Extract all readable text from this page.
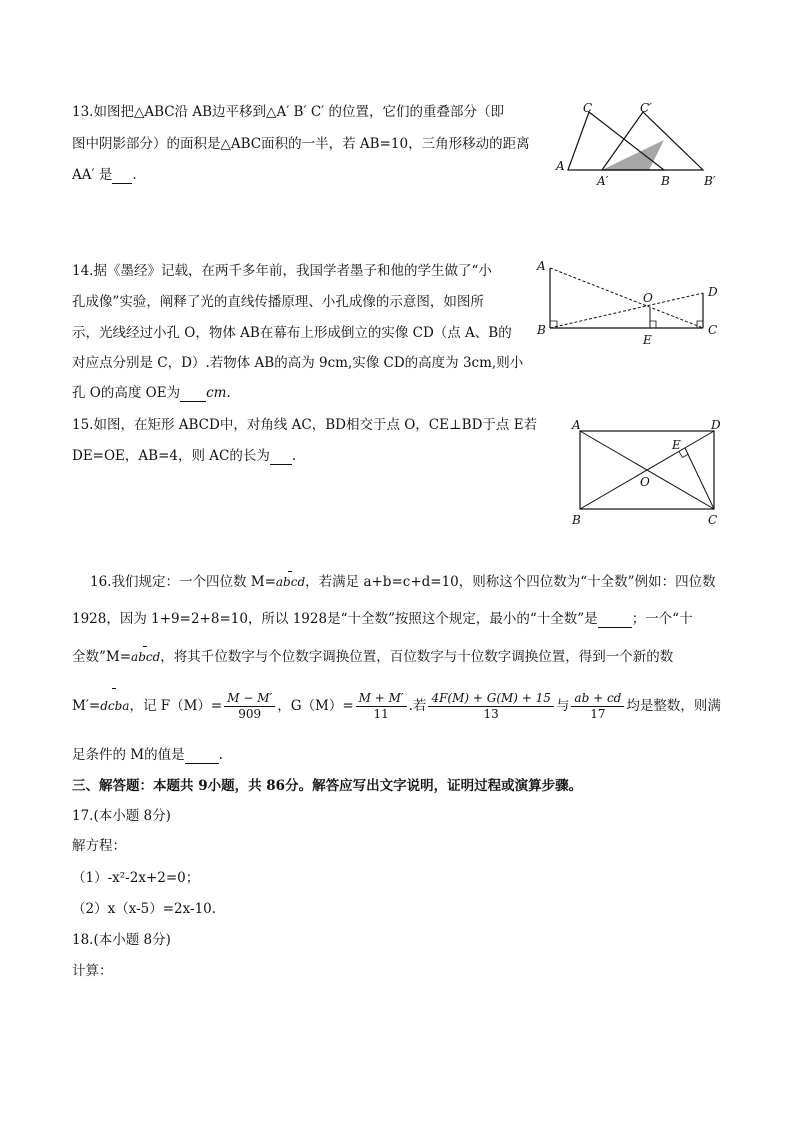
13.如图把△ABC沿 AB边平移到△A′ B′ C′ 的位置，它们的重叠部分（即
图中阴影部分）的面积是△ABC面积的一半，若 AB=10，三角形移动的距离
AA′ 是 .
C	C′
A
A′	B	B′
14.据《墨经》记载，在两千多年前，我国学者墨子和他的学生做了“小
孔成像”实验，阐释了光的直线传播原理、小孔成像的示意图，如图所
示，光线经过小孔 O，物体 AB在幕布上形成倒立的实像 CD（点 A、B的
对应点分别是 C，D）.若物体 AB的高为 9cm,实像 CD的高度为 3cm,则小
孔 O的高度 OE为 cm.
A
B
O	D
E
C
15.如图，在矩形 ABCD中，对角线 AC，BD相交于点 O，CE⊥BD于点 E若
DE=OE，AB=4，则 AC的长为 .
A	D
E
O
B	C
16.我们规定：一个四位数 M=abcd，若满足 a+b=c+d=10，则称这个四位数为“十全数”例如：四位数
1928，因为 1+9=2+8=10，所以 1928是“十全数”按照这个规定，最小的“十全数”是	；一个“十
全数”M=abcd，将其千位数字与个位数字调换位置，百位数字与十位数字调换位置，得到一个新的数
M′=dcba，记 $F(M)= \frac{M - M'}{909}$ ，$G(M)= \frac{M + M'}{11}$ .若 $\frac{4F(M) + G(M) + 15}{13}$ 与 $\frac{ab + cd}{17}$ 均是整数，则满
足条件的 M的值是	.
三、解答题：本题共 9小题，共 86分。解答应写出文字说明，证明过程或演算步骤。
17.(本小题 8分)
解方程：
（1）-x²-2x+2=0；
（2）x（x-5）=2x-10.
18.(本小题 8分)
计算：
